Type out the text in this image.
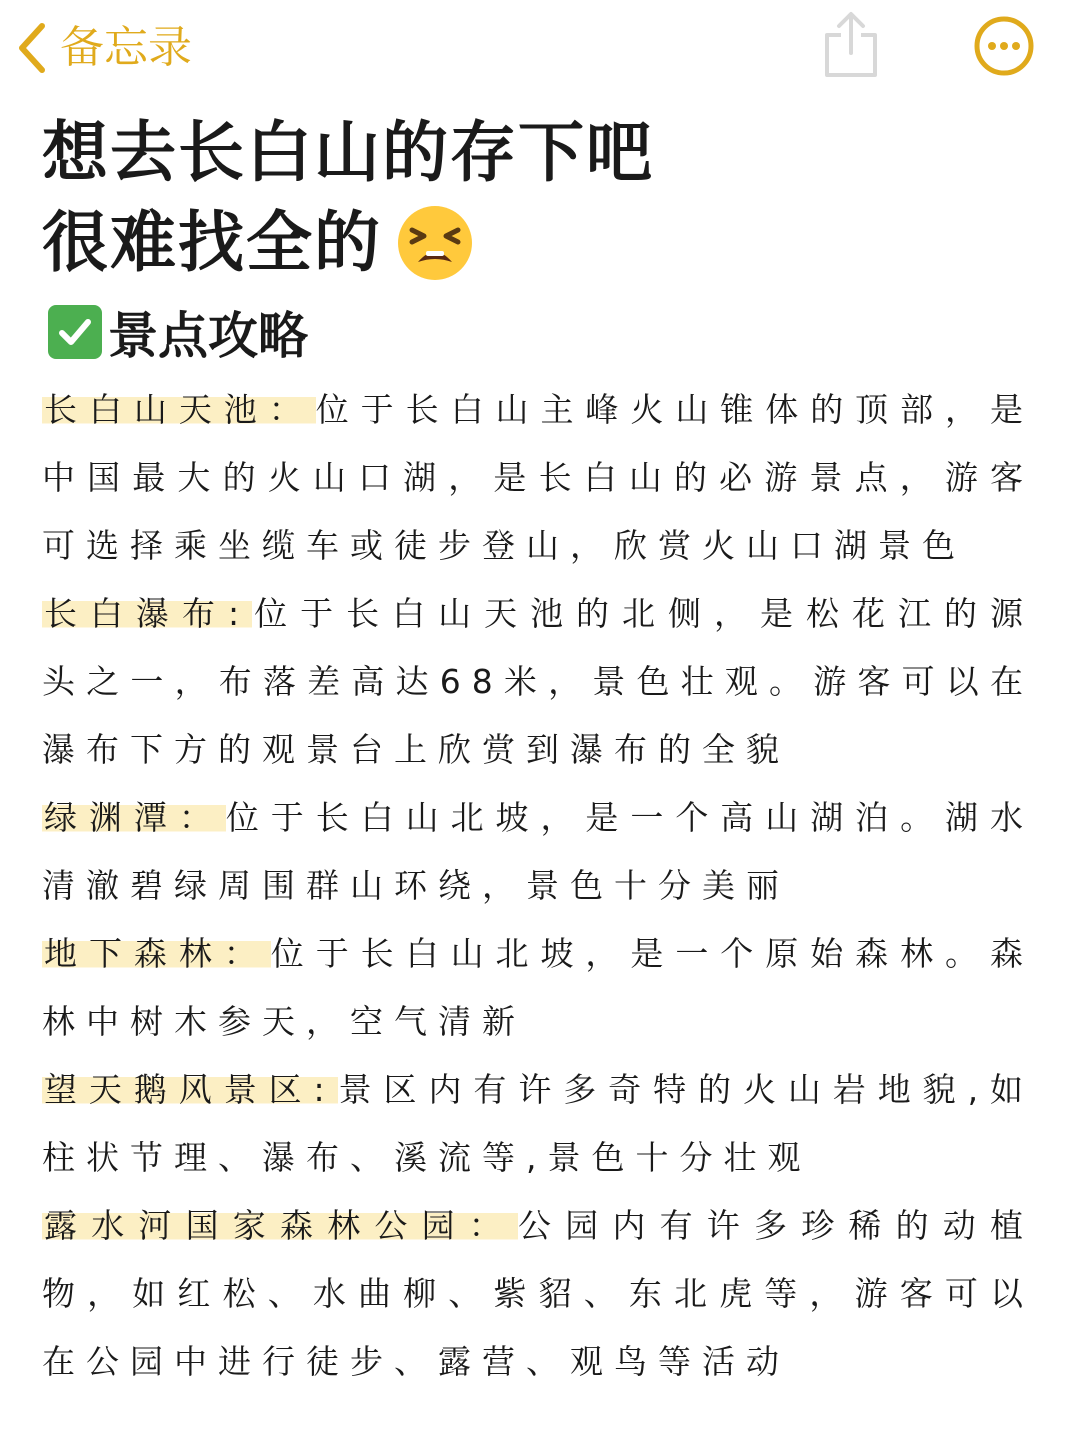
备忘录
想去长白山的存下吧
很难找全的
景点攻略

长白山天池：位于长白山主峰火山锥体的顶部，是中国最大的火山口湖，是长白山的必游景点，游客可选择乘坐缆车或徒步登山，欣赏火山口湖景色

长白瀑布:位于长白山天池的北侧，是松花江的源头之一，布落差高达68米，景色壮观。游客可以在瀑布下方的观景台上欣赏到瀑布的全貌

绿渊潭：位于长白山北坡，是一个高山湖泊。湖水清澈碧绿周围群山环绕，景色十分美丽

地下森林：位于长白山北坡，是一个原始森林。森林中树木参天，空气清新

望天鹅风景区:景区内有许多奇特的火山岩地貌,如柱状节理、瀑布、溪流等,景色十分壮观

露水河国家森林公园：公园内有许多珍稀的动植物，如红松、水曲柳、紫貂、东北虎等，游客可以在公园中进行徒步、露营、观鸟等活动
